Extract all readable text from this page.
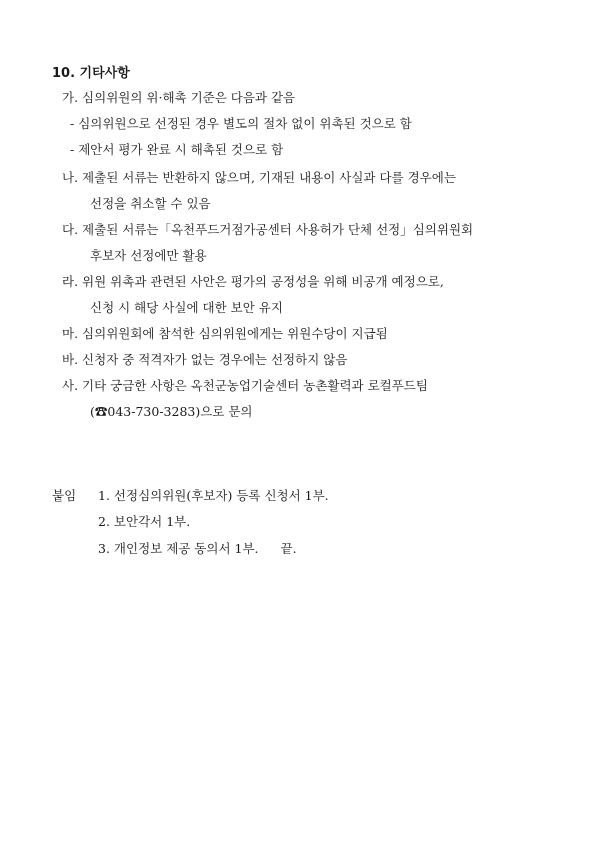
10. 기타사항
가. 심의위원의 위·해촉 기준은 다음과 같음
- 심의위원으로 선정된 경우 별도의 절차 없이 위촉된 것으로 함
- 제안서 평가 완료 시 해촉된 것으로 함
나. 제출된 서류는 반환하지 않으며, 기재된 내용이 사실과 다를 경우에는
선정을 취소할 수 있음
다. 제출된 서류는「옥천푸드거점가공센터 사용허가 단체 선정」심의위원회
후보자 선정에만 활용
라. 위원 위촉과 관련된 사안은 평가의 공정성을 위해 비공개 예정으로,
신청 시 해당 사실에 대한 보안 유지
마. 심의위원회에 참석한 심의위원에게는 위원수당이 지급됨
바. 신청자 중 적격자가 없는 경우에는 선정하지 않음
사. 기타 궁금한 사항은 옥천군농업기술센터 농촌활력과 로컬푸드팀
(☎043-730-3283)으로 문의
붙임 1. 선정심의위원(후보자) 등록 신청서 1부.
2. 보안각서 1부.
3. 개인정보 제공 동의서 1부. 끝.
